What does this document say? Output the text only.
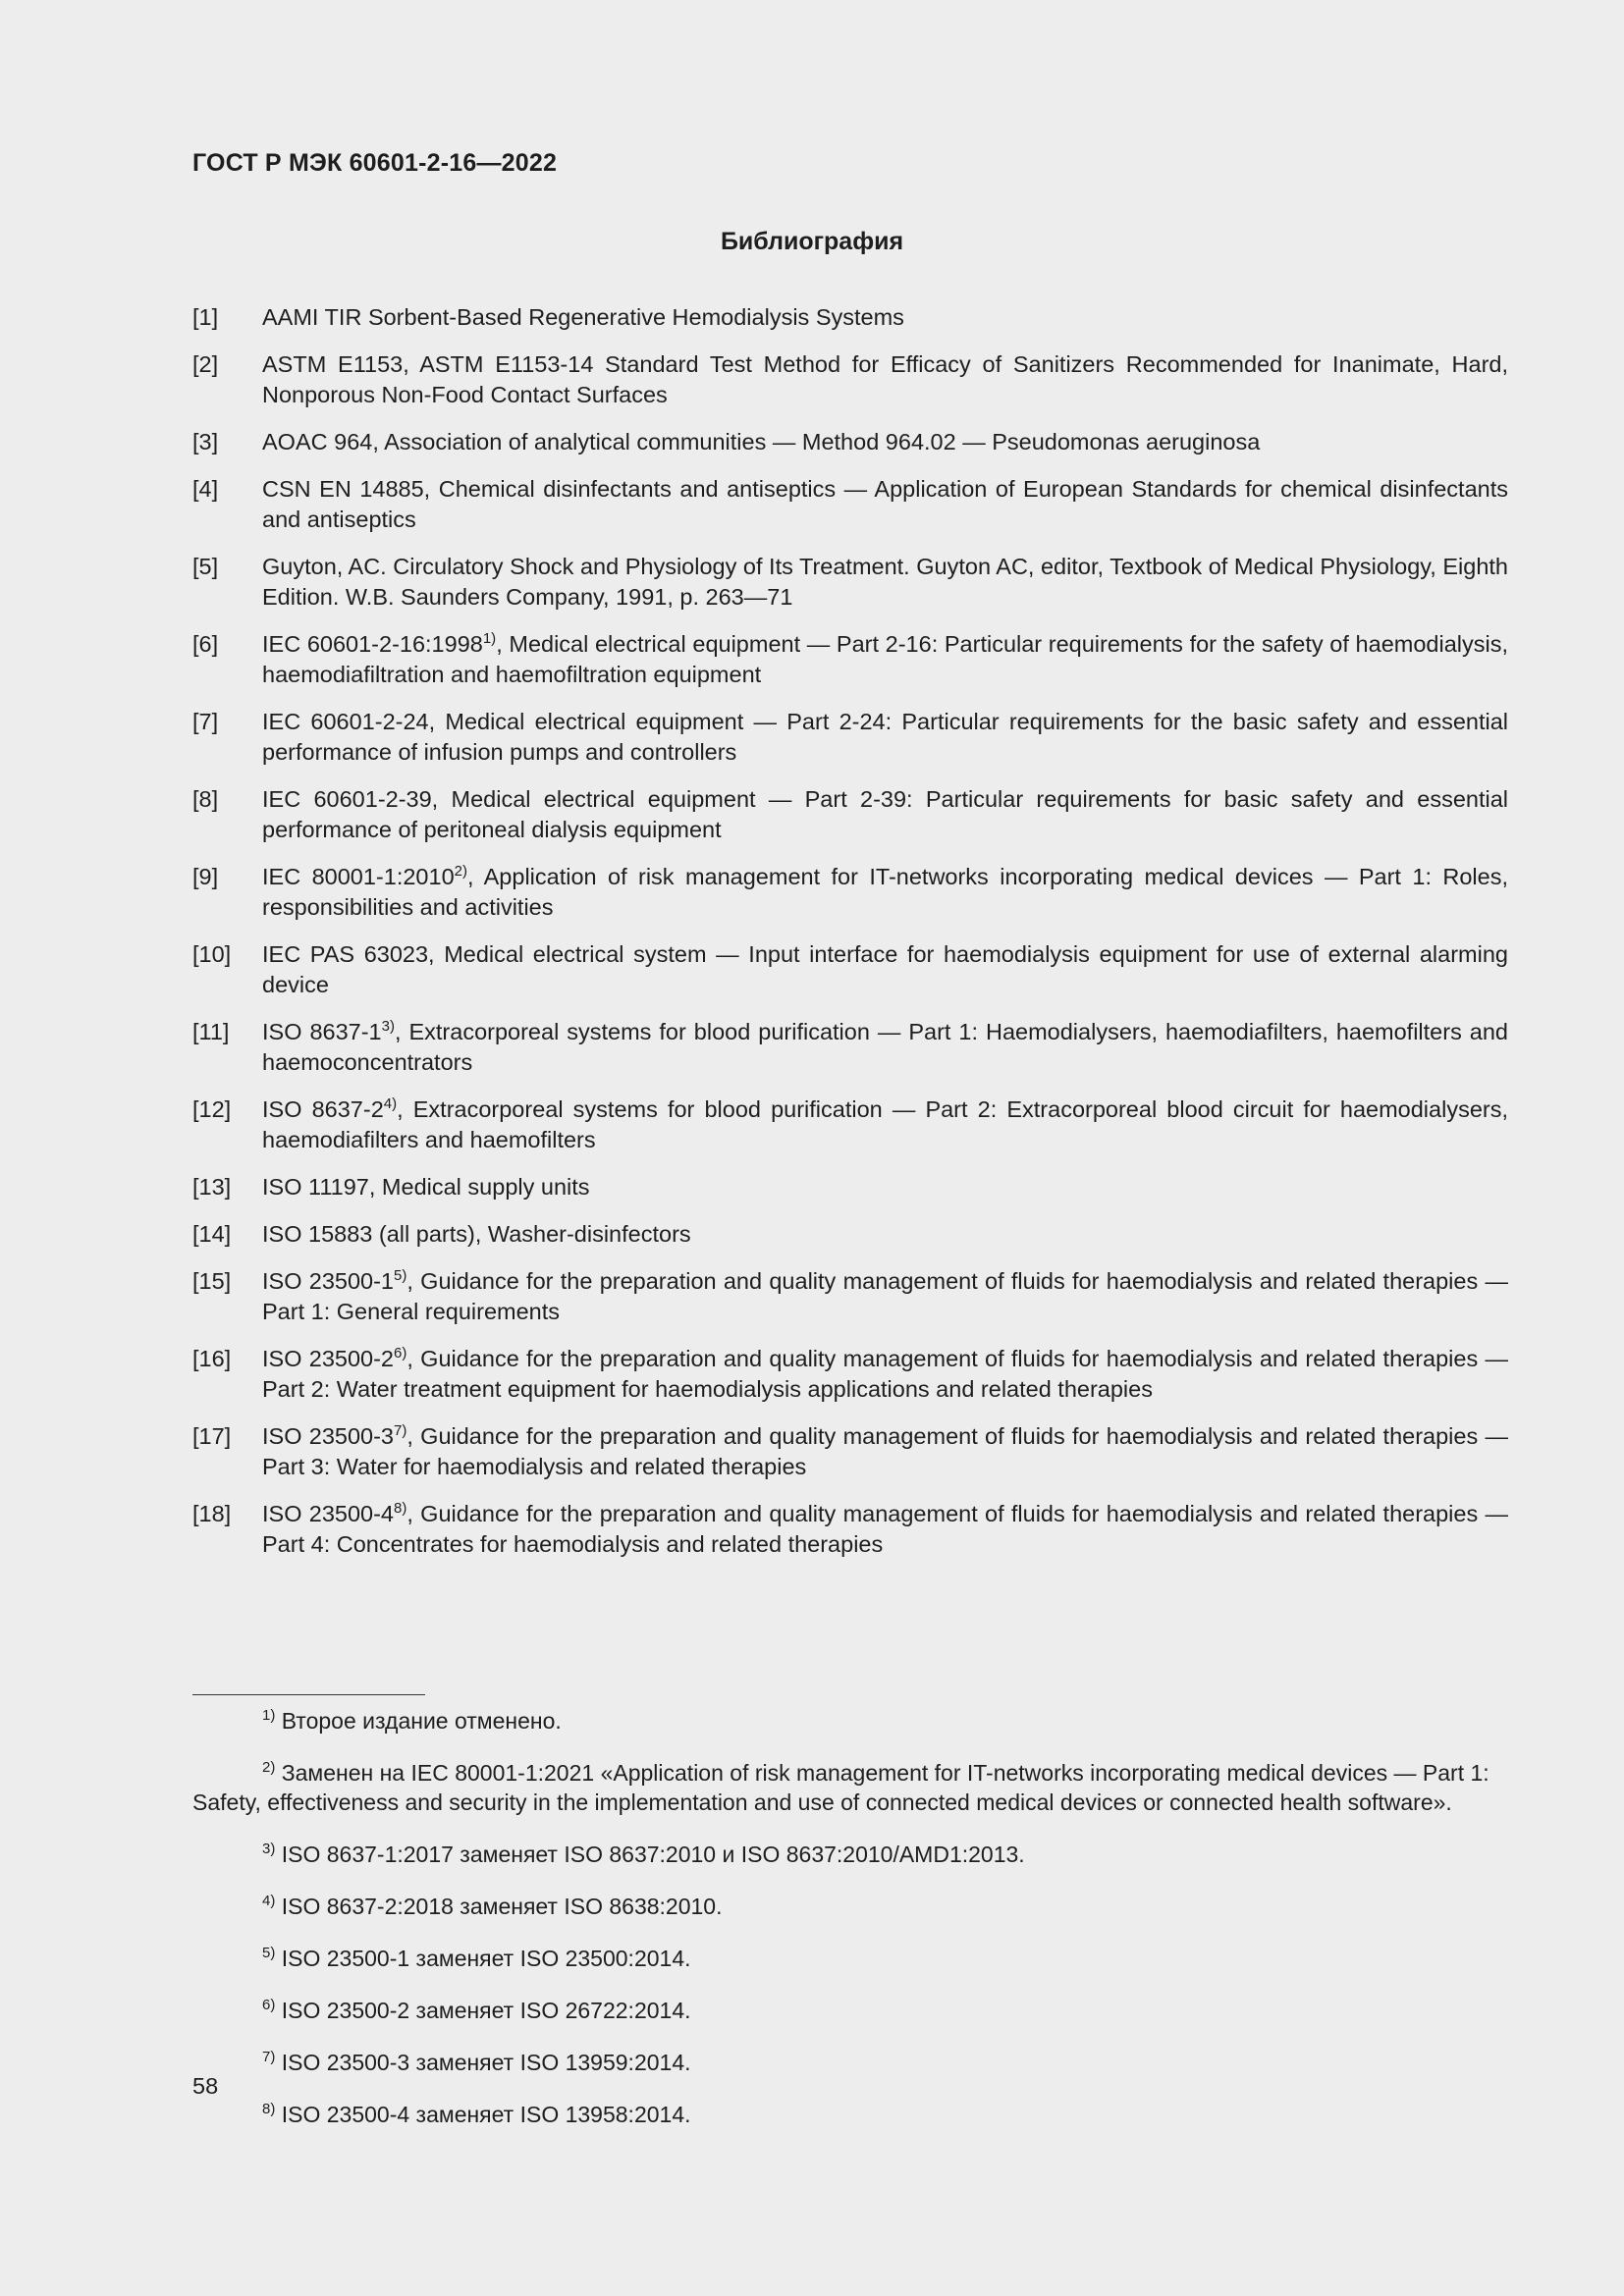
ГОСТ Р МЭК 60601-2-16—2022
Библиография
[1]	AAMI TIR Sorbent-Based Regenerative Hemodialysis Systems
[2]	ASTM E1153, ASTM E1153-14 Standard Test Method for Efficacy of Sanitizers Recommended for Inanimate, Hard, Nonporous Non-Food Contact Surfaces
[3]	AOAC 964, Association of analytical communities — Method 964.02 — Pseudomonas aeruginosa
[4]	CSN EN 14885, Chemical disinfectants and antiseptics — Application of European Standards for chemical disinfectants and antiseptics
[5]	Guyton, AC. Circulatory Shock and Physiology of Its Treatment. Guyton AC, editor, Textbook of Medical Physiology, Eighth Edition. W.B. Saunders Company, 1991, p. 263—71
[6]	IEC 60601-2-16:1998$^{1)}$, Medical electrical equipment — Part 2-16: Particular requirements for the safety of haemodialysis, haemodiafiltration and haemofiltration equipment
[7]	IEC 60601-2-24, Medical electrical equipment — Part 2-24: Particular requirements for the basic safety and essential performance of infusion pumps and controllers
[8]	IEC 60601-2-39, Medical electrical equipment — Part 2-39: Particular requirements for basic safety and essential performance of peritoneal dialysis equipment
[9]	IEC 80001-1:2010$^{2)}$, Application of risk management for IT-networks incorporating medical devices — Part 1: Roles, responsibilities and activities
[10]	IEC PAS 63023, Medical electrical system — Input interface for haemodialysis equipment for use of external alarming device
[11]	ISO 8637-1$^{3)}$, Extracorporeal systems for blood purification — Part 1: Haemodialysers, haemodiafilters, haemofilters and haemoconcentrators
[12]	ISO 8637-2$^{4)}$, Extracorporeal systems for blood purification — Part 2: Extracorporeal blood circuit for haemodialysers, haemodiafilters and haemofilters
[13]	ISO 11197, Medical supply units
[14]	ISO 15883 (all parts), Washer-disinfectors
[15]	ISO 23500-1$^{5)}$, Guidance for the preparation and quality management of fluids for haemodialysis and related therapies — Part 1: General requirements
[16]	ISO 23500-2$^{6)}$, Guidance for the preparation and quality management of fluids for haemodialysis and related therapies — Part 2: Water treatment equipment for haemodialysis applications and related therapies
[17]	ISO 23500-3$^{7)}$, Guidance for the preparation and quality management of fluids for haemodialysis and related therapies — Part 3: Water for haemodialysis and related therapies
[18]	ISO 23500-4$^{8)}$, Guidance for the preparation and quality management of fluids for haemodialysis and related therapies — Part 4: Concentrates for haemodialysis and related therapies

$^{1)}$ Второе издание отменено.

$^{2)}$ Заменен на IEC 80001-1:2021 «Application of risk management for IT-networks incorporating medical devices — Part 1: Safety, effectiveness and security in the implementation and use of connected medical devices or connected health software».

$^{3)}$ ISO 8637-1:2017 заменяет ISO 8637:2010 и ISO 8637:2010/AMD1:2013.

$^{4)}$ ISO 8637-2:2018 заменяет ISO 8638:2010.

$^{5)}$ ISO 23500-1 заменяет ISO 23500:2014.

$^{6)}$ ISO 23500-2 заменяет ISO 26722:2014.

$^{7)}$ ISO 23500-3 заменяет ISO 13959:2014.

$^{8)}$ ISO 23500-4 заменяет ISO 13958:2014.

58
